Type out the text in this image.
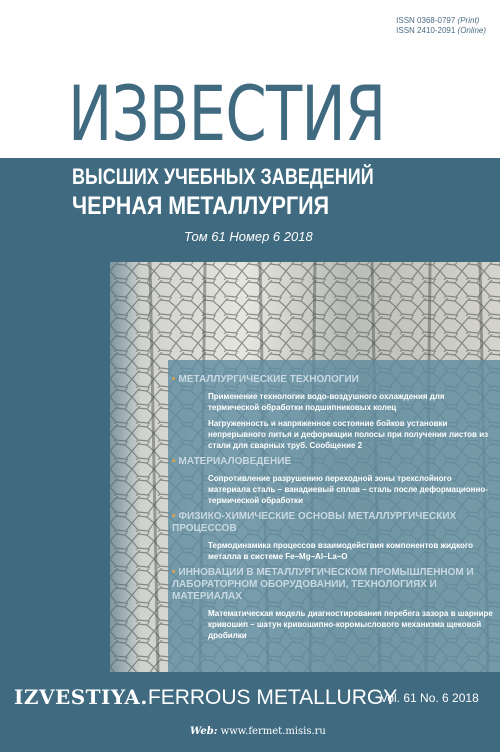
ISSN 0368-0797 (Print)
ISSN 2410-2091 (Online)
ИЗВЕСТИЯ
ВЫСШИХ УЧЕБНЫХ ЗАВЕДЕНИЙ
ЧЕРНАЯ МЕТАЛЛУРГИЯ
Том 61 Номер 6 2018
• МЕТАЛЛУРГИЧЕСКИЕ ТЕХНОЛОГИИ
Применение технологии водо-воздушного охлаждения для термической обработки подшипниковых колец
Нагруженность и напряженное состояние бойков установки непрерывного литья и деформации полосы при получении листов из стали для сварных труб. Сообщение 2
• МАТЕРИАЛОВЕДЕНИЕ
Сопротивление разрушению переходной зоны трехслойного материала сталь – ванадиевый сплав – сталь после деформационно-термической обработки
• ФИЗИКО-ХИМИЧЕСКИЕ ОСНОВЫ МЕТАЛЛУРГИЧЕСКИХ ПРОЦЕССОВ
Термодинамика процессов взаимодействия компонентов жидкого металла в системе Fe–Mg–Al–La–O
• ИННОВАЦИИ В МЕТАЛЛУРГИЧЕСКОМ ПРОМЫШЛЕННОМ И ЛАБОРАТОРНОМ ОБОРУДОВАНИИ, ТЕХНОЛОГИЯХ И МАТЕРИАЛАХ
Математическая модель диагностирования перебега зазора в шарнире кривошип – шатун кривошипно-коромыслового механизма щековой дробилки
IZVESTIYA.FERROUS METALLURGY
Vol. 61 No. 6 2018
Web: www.fermet.misis.ru
